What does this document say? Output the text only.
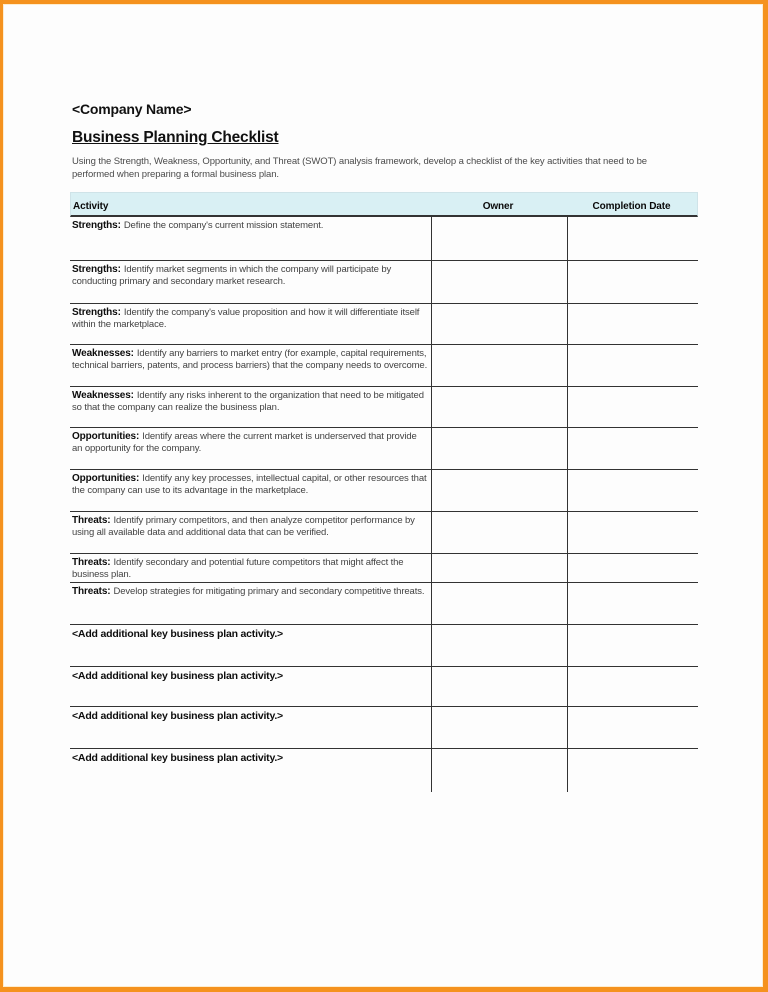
<Company Name>
Business Planning Checklist

Using the Strength, Weakness, Opportunity, and Threat (SWOT) analysis framework, develop a checklist of the key activities that need to be performed when preparing a formal business plan.

Activity	Owner	Completion Date
Strengths: Define the company's current mission statement.
Strengths: Identify market segments in which the company will participate by conducting primary and secondary market research.
Strengths: Identify the company's value proposition and how it will differentiate itself within the marketplace.
Weaknesses: Identify any barriers to market entry (for example, capital requirements, technical barriers, patents, and process barriers) that the company needs to overcome.
Weaknesses: Identify any risks inherent to the organization that need to be mitigated so that the company can realize the business plan.
Opportunities: Identify areas where the current market is underserved that provide an opportunity for the company.
Opportunities: Identify any key processes, intellectual capital, or other resources that the company can use to its advantage in the marketplace.
Threats: Identify primary competitors, and then analyze competitor performance by using all available data and additional data that can be verified.
Threats: Identify secondary and potential future competitors that might affect the business plan.
Threats: Develop strategies for mitigating primary and secondary competitive threats.
<Add additional key business plan activity.>
<Add additional key business plan activity.>
<Add additional key business plan activity.>
<Add additional key business plan activity.>
